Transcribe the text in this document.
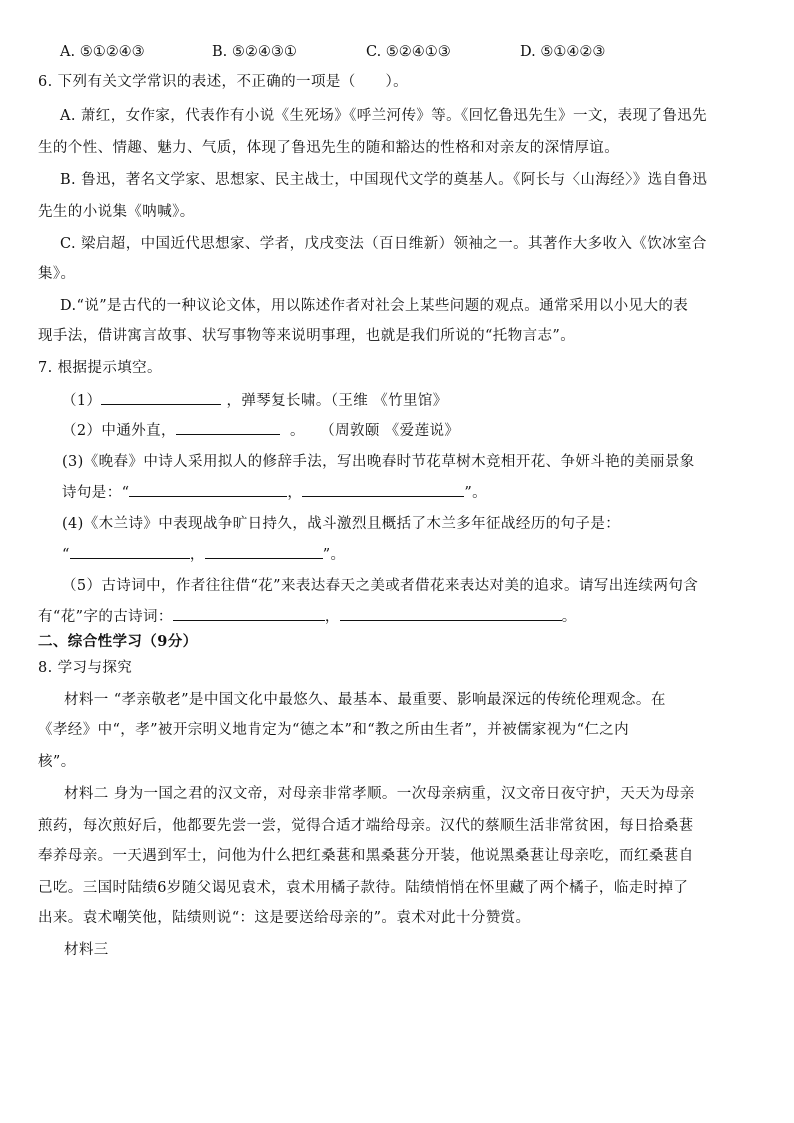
A. ⑤①②④③	B. ⑤②④③①	C. ⑤②④①③	D. ⑤①④②③
6. 下列有关文学常识的表述，不正确的一项是（　　）。
A. 萧红，女作家，代表作有小说《生死场》《呼兰河传》等。《回忆鲁迅先生》一文，表现了鲁迅先
生的个性、情趣、魅力、气质，体现了鲁迅先生的随和豁达的性格和对亲友的深情厚谊。
B. 鲁迅，著名文学家、思想家、民主战士，中国现代文学的奠基人。《阿长与〈山海经〉》选自鲁迅
先生的小说集《呐喊》。
C. 梁启超，中国近代思想家、学者，戊戌变法（百日维新）领袖之一。其著作大多收入《饮冰室合
集》。
D.“说”是古代的一种议论文体，用以陈述作者对社会上某些问题的观点。通常采用以小见大的表
现手法，借讲寓言故事、状写事物等来说明事理，也就是我们所说的“托物言志”。
7. 根据提示填空。
（1）	，弹琴复长啸。（王维 《竹里馆》
（2）中通外直，	。　　（周敦颐 《爱莲说》
(3)《晚春》中诗人采用拟人的修辞手法，写出晚春时节花草树木竞相开花、争妍斗艳的美丽景象
诗句是：“	，	”。
(4)《木兰诗》中表现战争旷日持久，战斗激烈且概括了木兰多年征战经历的句子是：
“	，	”。
（5）古诗词中，作者往往借“花”来表达春天之美或者借花来表达对美的追求。请写出连续两句含
有“花”字的古诗词：	，	。
二、综合性学习（9分）
8. 学习与探究
材料一 “孝亲敬老”是中国文化中最悠久、最基本、最重要、影响最深远的传统伦理观念。在
《孝经》中“，孝”被开宗明义地肯定为“德之本”和“教之所由生者”，并被儒家视为“仁之内
核”。
材料二 身为一国之君的汉文帝，对母亲非常孝顺。一次母亲病重，汉文帝日夜守护，天天为母亲
煎药，每次煎好后，他都要先尝一尝，觉得合适才端给母亲。汉代的蔡顺生活非常贫困，每日拾桑葚
奉养母亲。一天遇到军士，问他为什么把红桑葚和黑桑葚分开装，他说黑桑葚让母亲吃，而红桑葚自
己吃。三国时陆绩6岁随父谒见袁术，袁术用橘子款待。陆绩悄悄在怀里藏了两个橘子，临走时掉了
出来。袁术嘲笑他，陆绩则说“：这是要送给母亲的”。袁术对此十分赞赏。
材料三
